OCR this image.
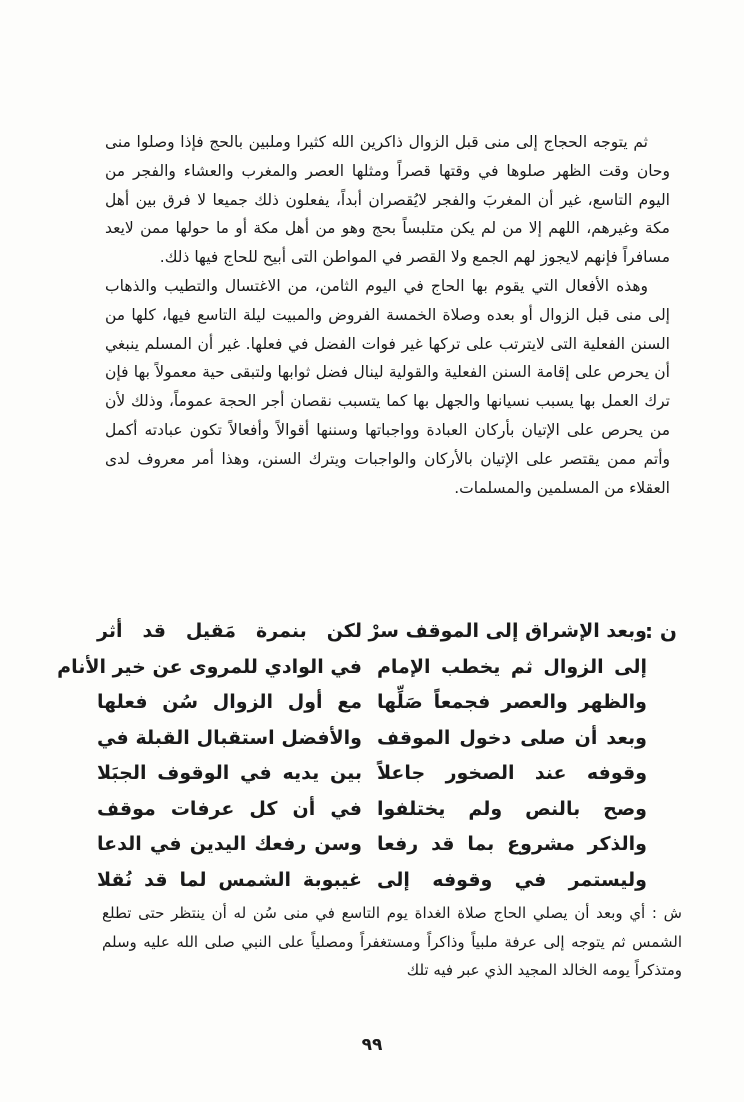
ثم يتوجه الحجاج إلى منى قبل الزوال ذاكرين الله كثيرا وملبين بالحج فإذا وصلوا منى وحان وقت الظهر صلوها في وقتها قصراً ومثلها العصر والمغرب والعشاء والفجر من اليوم التاسع، غير أن المغربَ والفجر لايُقصران أبداً، يفعلون ذلك جميعا لا فرق بين أهل مكة وغيرهم، اللهم إلا من لم يكن متلبساً بحج وهو من أهل مكة أو ما حولها ممن لايعد مسافراً فإنهم لايجوز لهم الجمع ولا القصر في المواطن التى أبيح للحاج فيها ذلك.

وهذه الأفعال التي يقوم بها الحاج في اليوم الثامن، من الاغتسال والتطيب والذهاب إلى منى قبل الزوال أو بعده وصلاة الخمسة الفروض والمبيت ليلة التاسع فيها، كلها من السنن الفعلية التى لايترتب على تركها غير فوات الفضل في فعلها. غير أن المسلم ينبغي أن يحرص على إقامة السنن الفعلية والقولية لينال فضل ثوابها ولتبقى حية معمولاً بها فإن ترك العمل بها يسبب نسيانها والجهل بها كما يتسبب نقصان أجر الحجة عموماً، وذلك لأن من يحرص على الإتيان بأركان العبادة وواجباتها وسننها أقوالاً وأفعالاً تكون عبادته أكمل وأتم ممن يقتصر على الإتيان بالأركان والواجبات ويترك السنن، وهذا أمر معروف لدى العقلاء من المسلمين والمسلمات.

ن :
وبعد الإشراق إلى الموقف سرْ
إلى الزوال ثم يخطب الإمام
والظهر والعصر فجمعاً صَلِّها
وبعد أن صلى دخول الموقف
وقوفه عند الصخور جاعلاً
وصح بالنص ولم يختلفوا
والذكر مشروع بما قد رفعا
وليستمر في وقوفه إلى
لكن بنمرة مَقيل قد أثر
في الوادي للمروى عن خير الأنام
مع أول الزوال سُن فعلها
والأفضل استقبال القبلة في
بين يديه في الوقوف الجبَلا
في أن كل عرفات موقف
وسن رفعك اليدين في الدعا
غيبوبة الشمس لما قد نُقلا
ش : أي وبعد أن يصلي الحاج صلاة الغداة يوم التاسع في منى سُن له أن ينتظر حتى تطلع الشمس ثم يتوجه إلى عرفة ملبياً وذاكراً ومستغفراً ومصلياً على النبي صلى الله عليه وسلم ومتذكراً يومه الخالد المجيد الذي عبر فيه تلك
٩٩
